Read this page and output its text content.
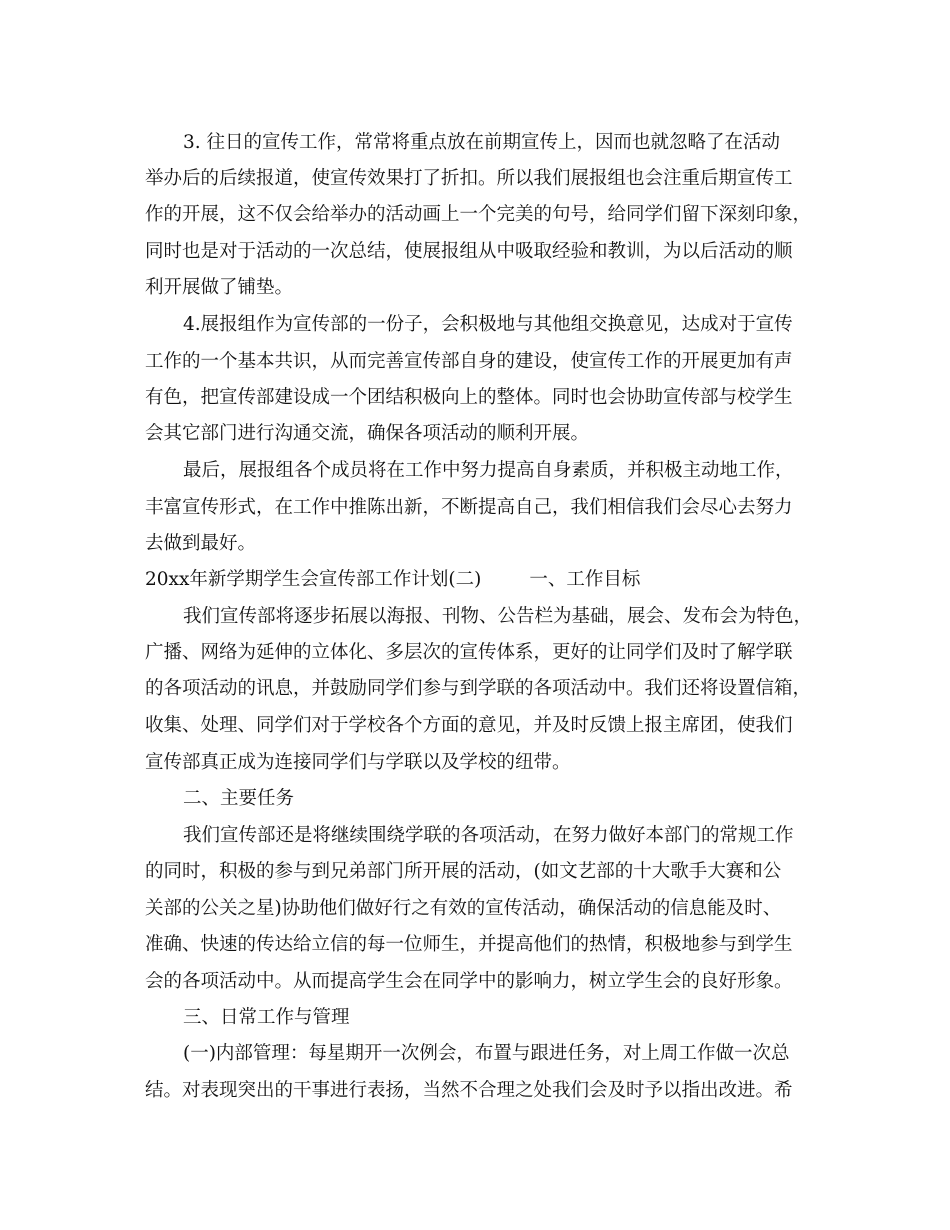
3. 往日的宣传工作，常常将重点放在前期宣传上，因而也就忽略了在活动
举办后的后续报道，使宣传效果打了折扣。所以我们展报组也会注重后期宣传工
作的开展，这不仅会给举办的活动画上一个完美的句号，给同学们留下深刻印象，
同时也是对于活动的一次总结，使展报组从中吸取经验和教训，为以后活动的顺
利开展做了铺垫。
4.展报组作为宣传部的一份子，会积极地与其他组交换意见，达成对于宣传
工作的一个基本共识，从而完善宣传部自身的建设，使宣传工作的开展更加有声
有色，把宣传部建设成一个团结积极向上的整体。同时也会协助宣传部与校学生
会其它部门进行沟通交流，确保各项活动的顺利开展。
最后，展报组各个成员将在工作中努力提高自身素质，并积极主动地工作，
丰富宣传形式，在工作中推陈出新，不断提高自己，我们相信我们会尽心去努力
去做到最好。
20xx年新学期学生会宣传部工作计划(二)	一、工作目标
我们宣传部将逐步拓展以海报、刊物、公告栏为基础，展会、发布会为特色，
广播、网络为延伸的立体化、多层次的宣传体系，更好的让同学们及时了解学联
的各项活动的讯息，并鼓励同学们参与到学联的各项活动中。我们还将设置信箱，
收集、处理、同学们对于学校各个方面的意见，并及时反馈上报主席团，使我们
宣传部真正成为连接同学们与学联以及学校的纽带。
二、主要任务
我们宣传部还是将继续围绕学联的各项活动，在努力做好本部门的常规工作
的同时，积极的参与到兄弟部门所开展的活动，(如文艺部的十大歌手大赛和公
关部的公关之星)协助他们做好行之有效的宣传活动，确保活动的信息能及时、
准确、快速的传达给立信的每一位师生，并提高他们的热情，积极地参与到学生
会的各项活动中。从而提高学生会在同学中的影响力，树立学生会的良好形象。
三、日常工作与管理
(一)内部管理：每星期开一次例会，布置与跟进任务，对上周工作做一次总
结。对表现突出的干事进行表扬，当然不合理之处我们会及时予以指出改进。希
